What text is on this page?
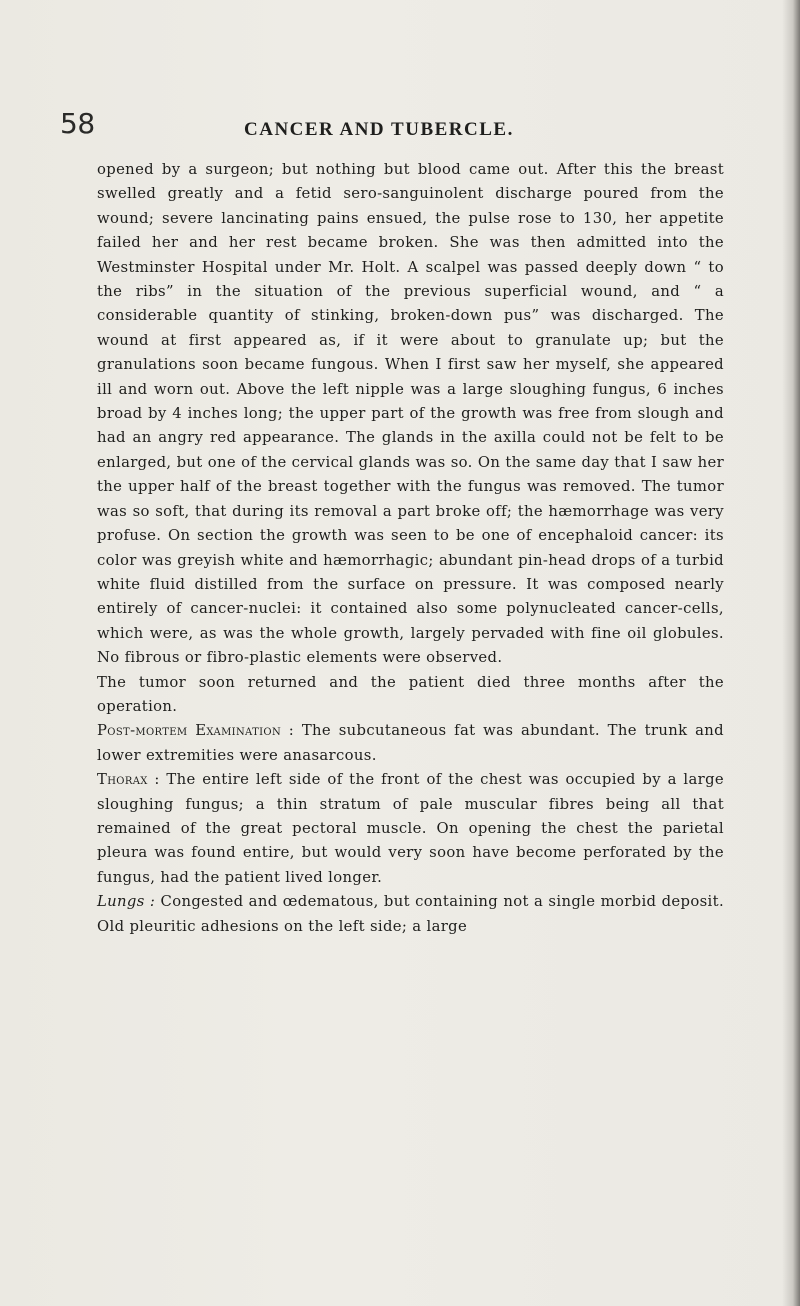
58	CANCER AND TUBERCLE.

opened by a surgeon; but nothing but blood came out. After this the breast swelled greatly and a fetid sero-sanguinolent discharge poured from the wound; severe lancinating pains ensued, the pulse rose to 130, her appetite failed her and her rest became broken. She was then admitted into the Westminster Hospital under Mr. Holt. A scalpel was passed deeply down “ to the ribs” in the situation of the previous superficial wound, and “ a considerable quantity of stinking, broken-down pus” was discharged. The wound at first appeared as, if it were about to granulate up; but the granulations soon became fungous. When I first saw her myself, she appeared ill and worn out. Above the left nipple was a large sloughing fungus, 6 inches broad by 4 inches long; the upper part of the growth was free from slough and had an angry red appearance. The glands in the axilla could not be felt to be enlarged, but one of the cervical glands was so. On the same day that I saw her the upper half of the breast together with the fungus was removed. The tumor was so soft, that during its removal a part broke off; the hæmorrhage was very profuse. On section the growth was seen to be one of encephaloid cancer: its color was greyish white and hæmorrhagic; abundant pin-head drops of a turbid white fluid distilled from the surface on pressure. It was composed nearly entirely of cancer-nuclei: it contained also some polynucleated cancer-cells, which were, as was the whole growth, largely pervaded with fine oil globules. No fibrous or fibro-plastic elements were observed.

The tumor soon returned and the patient died three months after the operation.

Post-mortem Examination : The subcutaneous fat was abundant. The trunk and lower extremities were anasarcous.

Thorax : The entire left side of the front of the chest was occupied by a large sloughing fungus; a thin stratum of pale muscular fibres being all that remained of the great pectoral muscle. On opening the chest the parietal pleura was found entire, but would very soon have become perforated by the fungus, had the patient lived longer.

Lungs : Congested and œdematous, but containing not a single morbid deposit. Old pleuritic adhesions on the left side; a large
